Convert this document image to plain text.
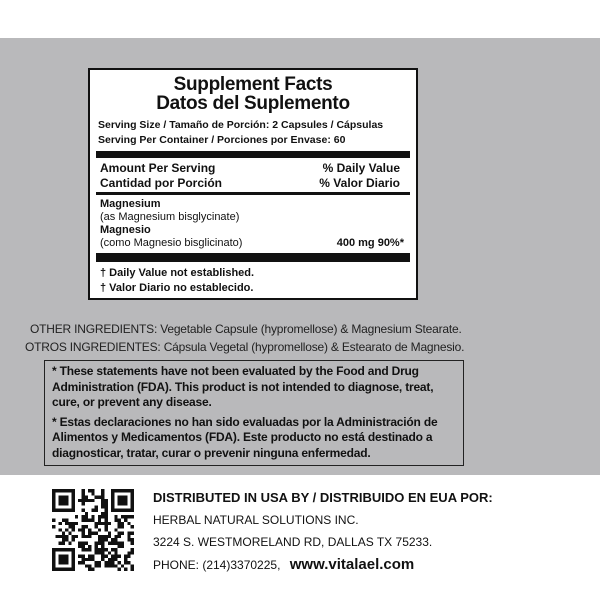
Supplement Facts
Datos del Suplemento
Serving Size / Tamaño de Porción: 2 Capsules / Cápsulas
Serving Per Container / Porciones por Envase: 60
Amount Per Serving	% Daily Value
Cantidad por Porción	% Valor Diario
Magnesium
(as Magnesium bisglycinate)
Magnesio
(como Magnesio bisglicinato)	400 mg 90%*
† Daily Value not established.
† Valor Diario no establecido.
OTHER INGREDIENTS: Vegetable Capsule (hypromellose) & Magnesium Stearate.
OTROS INGREDIENTES: Cápsula Vegetal (hypromellose) & Estearato de Magnesio.

* These statements have not been evaluated by the Food and Drug Administration (FDA). This product is not intended to diagnose, treat, cure, or prevent any disease.

* Estas declaraciones no han sido evaluadas por la Administración de Alimentos y Medicamentos (FDA). Este producto no está destinado a diagnosticar, tratar, curar o prevenir ninguna enfermedad.

DISTRIBUTED IN USA BY / DISTRIBUIDO EN EUA POR:
HERBAL NATURAL SOLUTIONS INC.
3224 S. WESTMORELAND RD, DALLAS TX 75233.
PHONE: (214)3370225, www.vitalael.com
